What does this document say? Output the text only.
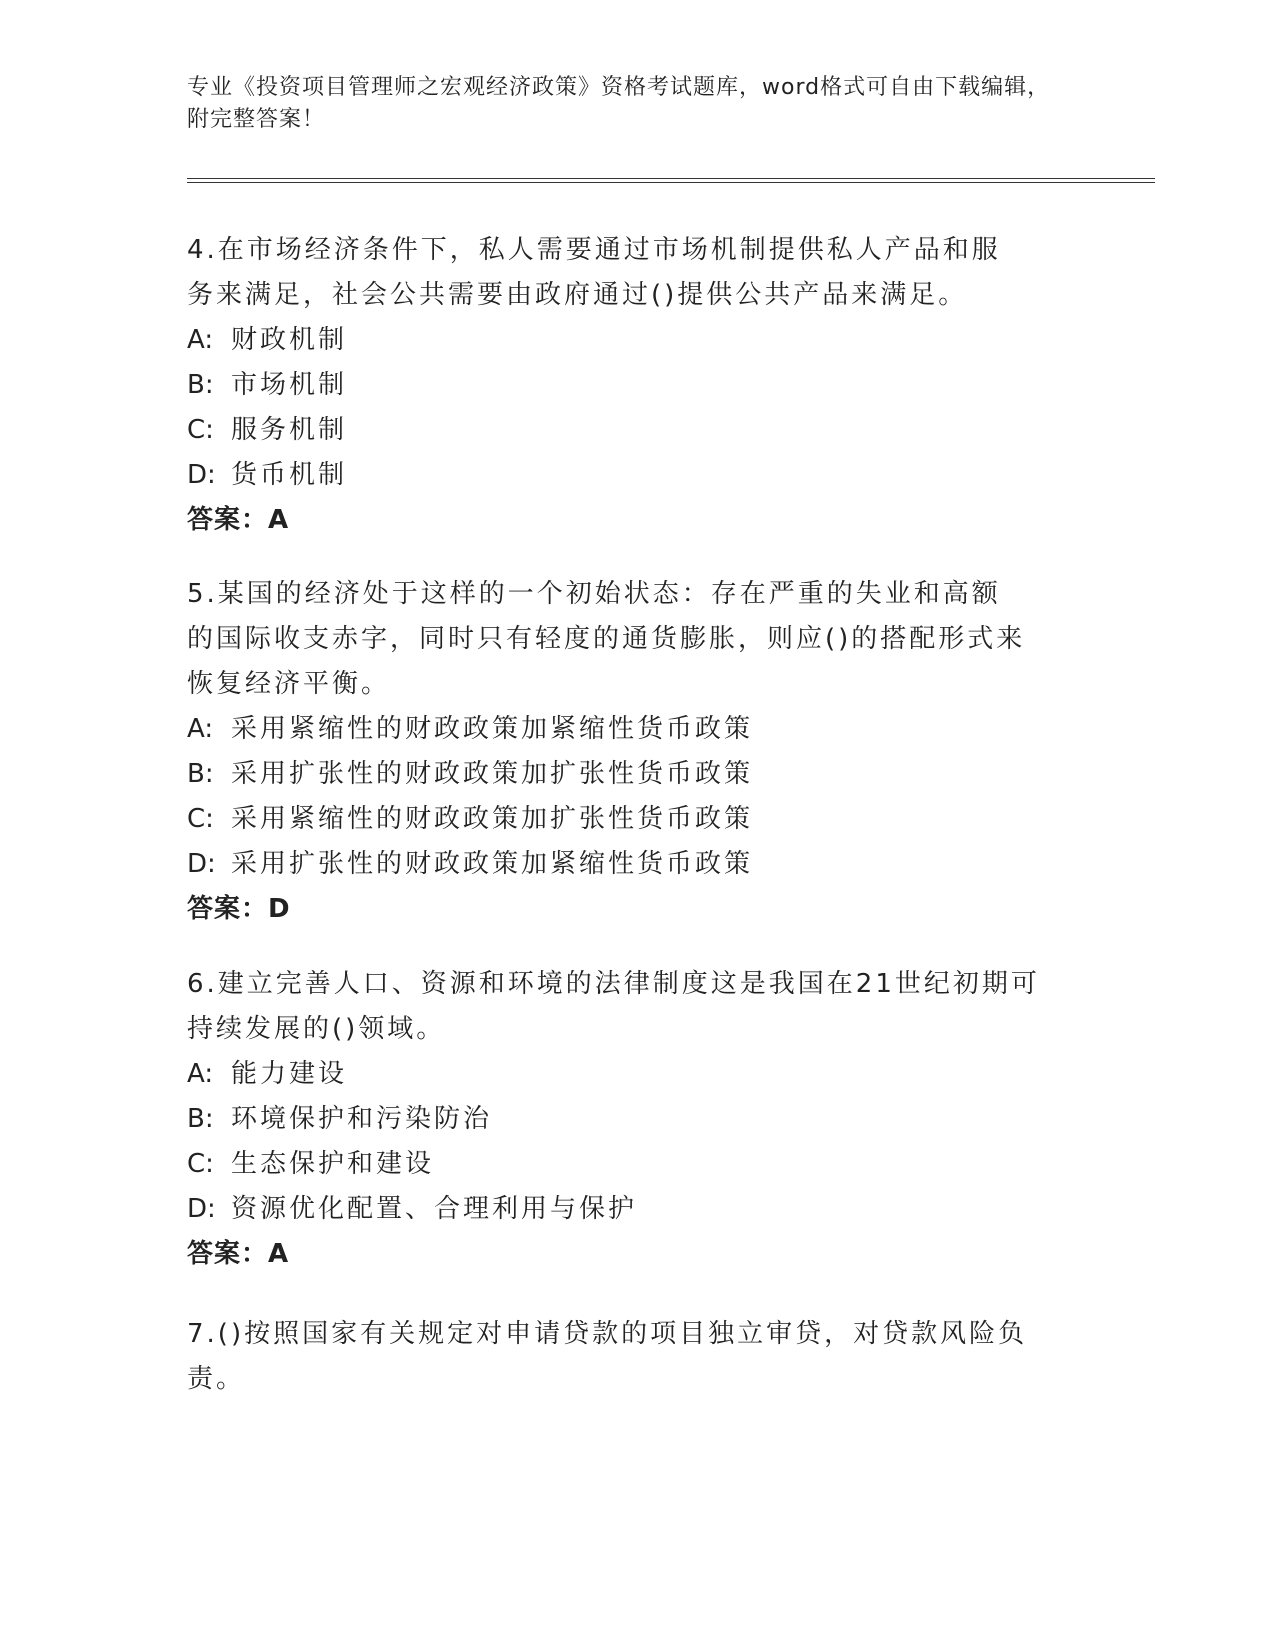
专业《投资项目管理师之宏观经济政策》资格考试题库，word格式可自由下载编辑，附完整答案！
4.在市场经济条件下，私人需要通过市场机制提供私人产品和服务来满足，社会公共需要由政府通过()提供公共产品来满足。
A: 财政机制
B: 市场机制
C: 服务机制
D: 货币机制
答案：A
5.某国的经济处于这样的一个初始状态：存在严重的失业和高额的国际收支赤字，同时只有轻度的通货膨胀，则应()的搭配形式来恢复经济平衡。
A: 采用紧缩性的财政政策加紧缩性货币政策
B: 采用扩张性的财政政策加扩张性货币政策
C: 采用紧缩性的财政政策加扩张性货币政策
D: 采用扩张性的财政政策加紧缩性货币政策
答案：D
6.建立完善人口、资源和环境的法律制度这是我国在21世纪初期可持续发展的()领域。
A: 能力建设
B: 环境保护和污染防治
C: 生态保护和建设
D: 资源优化配置、合理利用与保护
答案：A
7.()按照国家有关规定对申请贷款的项目独立审贷，对贷款风险负责。
